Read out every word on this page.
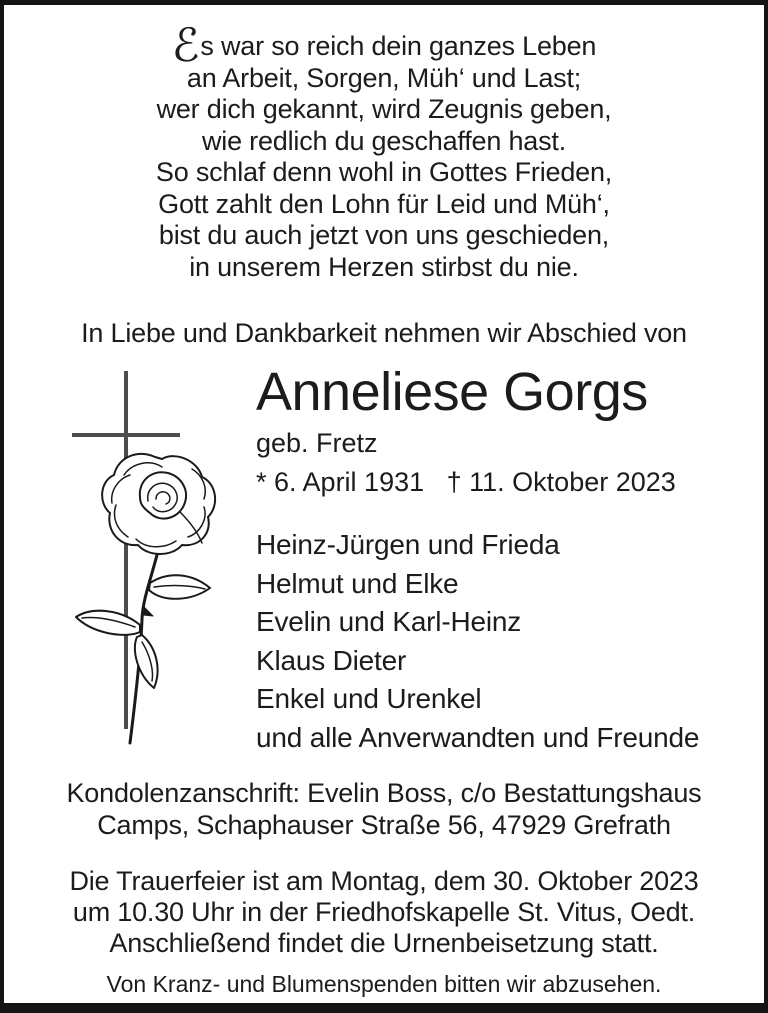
ℰs war so reich dein ganzes Leben
an Arbeit, Sorgen, Müh‘ und Last;
wer dich gekannt, wird Zeugnis geben,
wie redlich du geschaffen hast.
So schlaf denn wohl in Gottes Frieden,
Gott zahlt den Lohn für Leid und Müh‘,
bist du auch jetzt von uns geschieden,
in unserem Herzen stirbst du nie.
In Liebe und Dankbarkeit nehmen wir Abschied von
Anneliese Gorgs
geb. Fretz
* 6. April 1931   † 11. Oktober 2023
Heinz-Jürgen und Frieda
Helmut und Elke
Evelin und Karl-Heinz
Klaus Dieter
Enkel und Urenkel
und alle Anverwandten und Freunde
Kondolenzanschrift: Evelin Boss, c/o Bestattungshaus
Camps, Schaphauser Straße 56, 47929 Grefrath
Die Trauerfeier ist am Montag, dem 30. Oktober 2023
um 10.30 Uhr in der Friedhofskapelle St. Vitus, Oedt.
Anschließend findet die Urnenbeisetzung statt.
Von Kranz- und Blumenspenden bitten wir abzusehen.
